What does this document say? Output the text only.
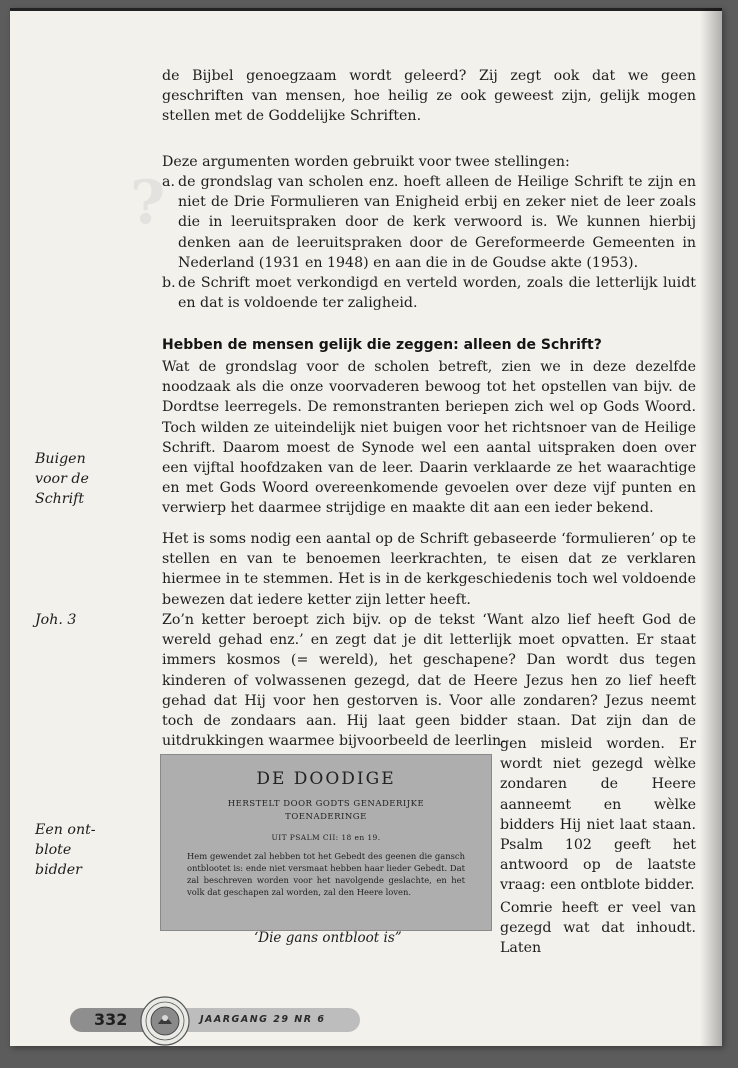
?

de Bijbel genoegzaam wordt geleerd? Zij zegt ook dat we geen geschriften van mensen, hoe heilig ze ook geweest zijn, gelijk mogen stellen met de Goddelijke Schriften.

Deze argumenten worden gebruikt voor twee stellingen:

a. de grondslag van scholen enz. hoeft alleen de Heilige Schrift te zijn en niet de Drie Formulieren van Enigheid erbij en zeker niet de leer zoals die in leeruitspraken door de kerk verwoord is. We kunnen hierbij denken aan de leeruitspraken door de Gereformeerde Gemeenten in Nederland (1931 en 1948) en aan die in de Goudse akte (1953).

b. de Schrift moet verkondigd en verteld worden, zoals die letterlijk luidt en dat is voldoende ter zaligheid.

Hebben de mensen gelijk die zeggen: alleen de Schrift?

Wat de grondslag voor de scholen betreft, zien we in deze dezelfde noodzaak als die onze voorvaderen bewoog tot het opstellen van bijv. de Dordtse leerregels. De remonstranten beriepen zich wel op Gods Woord. Toch wilden ze uiteindelijk niet buigen voor het richtsnoer van de Heilige Schrift. Daarom moest de Synode wel een aantal uitspraken doen over een vijftal hoofdzaken van de leer. Daarin verklaarde ze het waarachtige en met Gods Woord overeenkomende gevoelen over deze vijf punten en verwierp het daarmee strijdige en maakte dit aan een ieder bekend.

Het is soms nodig een aantal op de Schrift gebaseerde ‘formulieren’ op te stellen en van te benoemen leerkrachten, te eisen dat ze verklaren hiermee in te stemmen. Het is in de kerkgeschiedenis toch wel voldoende bewezen dat iedere ketter zijn letter heeft.

Zo’n ketter beroept zich bijv. op de tekst ‘Want alzo lief heeft God de wereld gehad enz.’ en zegt dat je dit letterlijk moet opvatten. Er staat immers kosmos (= wereld), het geschapene? Dan wordt dus tegen kinderen of volwassenen gezegd, dat de Heere Jezus hen zo lief heeft gehad dat Hij voor hen gestorven is. Voor alle zondaren? Jezus neemt toch de zondaars aan. Hij laat geen bidder staan. Dat zijn dan de uitdrukkingen waarmee bijvoorbeeld de leerlin-

gen misleid worden. Er wordt niet gezegd wèlke zondaren de Heere aanneemt en wèlke bidders Hij niet laat staan. Psalm 102 geeft het antwoord op de laatste vraag: een ontblote bidder.

Comrie heeft er veel van gezegd wat dat inhoudt. Laten

Buigen
voor de
Schrift
Joh. 3
Een ont-
blote
bidder
DE DOODIGE
HERSTELT DOOR GODTS GENADERIJKE
TOENADERINGE
UIT PSALM CII: 18 en 19.
Hem gewendet zal hebben tot het Gebedt des geenen die gansch ontblootet is: ende niet versmaat hebben haar lieder Gebedt. Dat zal beschreven worden voor het navolgende geslachte, en het volk dat geschapen zal worden, zal den Heere loven.
‘Die gans ontbloot is”
332	JAARGANG 29 NR 6
